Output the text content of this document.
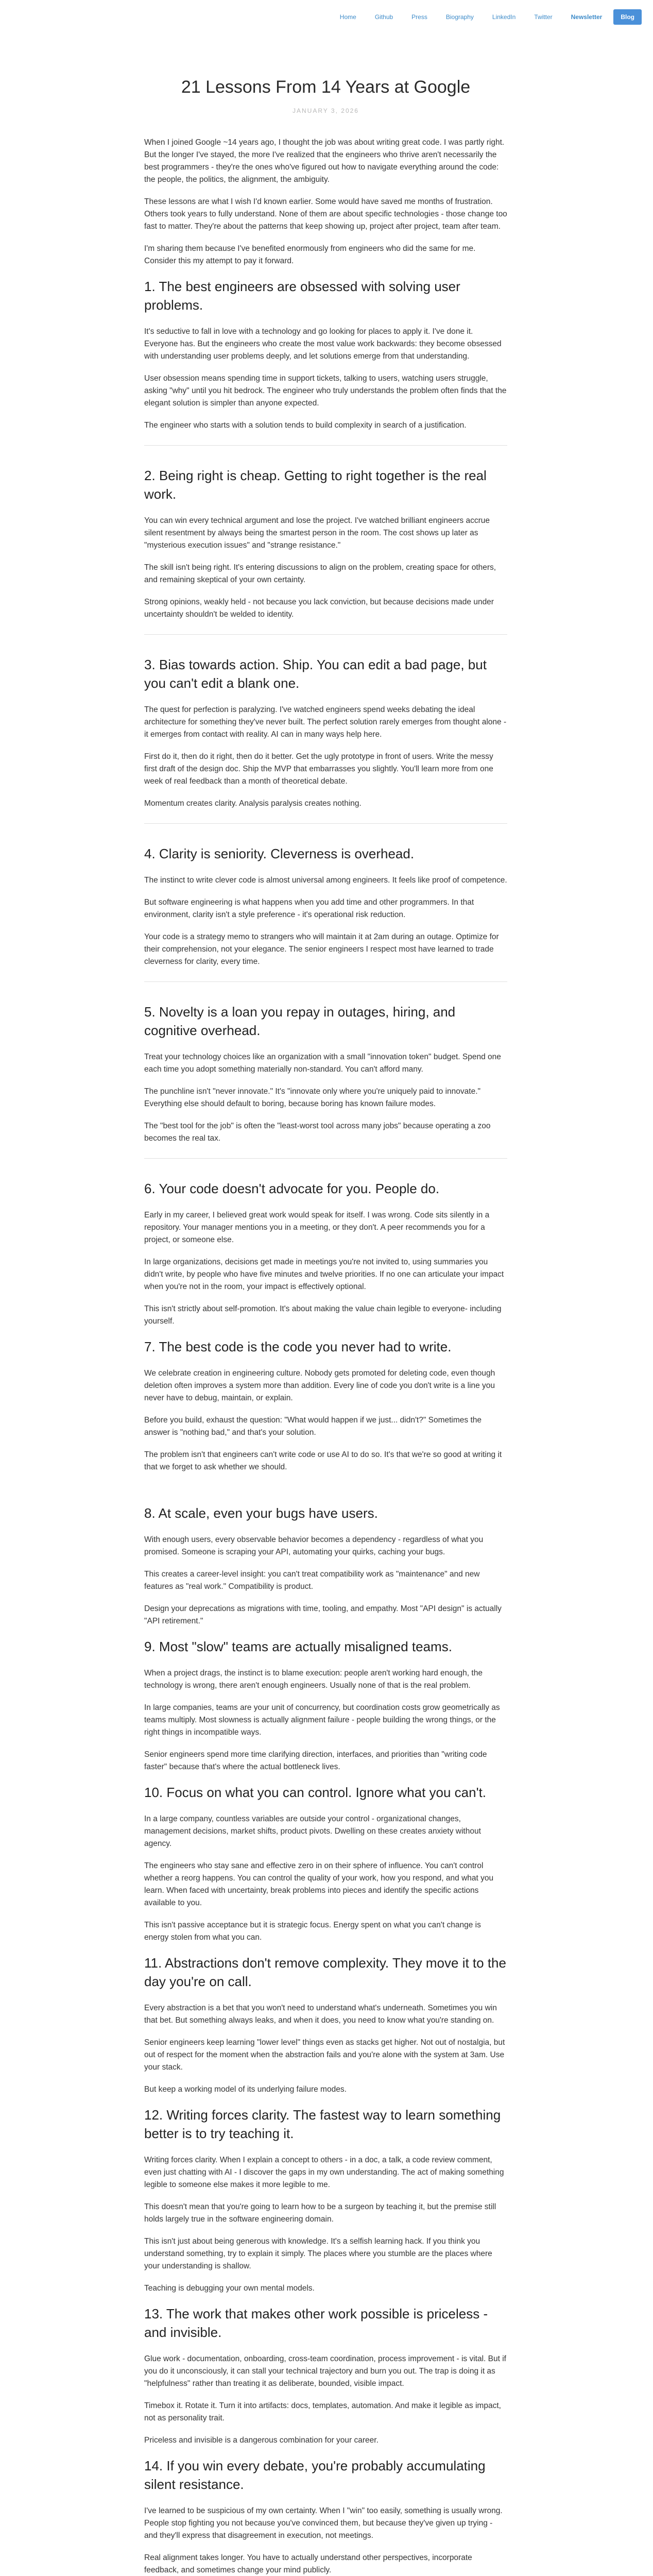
Home	Github	Press	Biography	LinkedIn	Twitter	Newsletter	Blog
21 Lessons From 14 Years at Google
JANUARY 3, 2026

When I joined Google ~14 years ago, I thought the job was about writing great code. I was partly right. But the longer I've stayed, the more I've realized that the engineers who thrive aren't necessarily the best programmers - they're the ones who've figured out how to navigate everything around the code: the people, the politics, the alignment, the ambiguity.

These lessons are what I wish I'd known earlier. Some would have saved me months of frustration. Others took years to fully understand. None of them are about specific technologies - those change too fast to matter. They're about the patterns that keep showing up, project after project, team after team.

I'm sharing them because I've benefited enormously from engineers who did the same for me. Consider this my attempt to pay it forward.

1. The best engineers are obsessed with solving user problems.

It's seductive to fall in love with a technology and go looking for places to apply it. I've done it. Everyone has. But the engineers who create the most value work backwards: they become obsessed with understanding user problems deeply, and let solutions emerge from that understanding.

User obsession means spending time in support tickets, talking to users, watching users struggle, asking "why" until you hit bedrock. The engineer who truly understands the problem often finds that the elegant solution is simpler than anyone expected.

The engineer who starts with a solution tends to build complexity in search of a justification.

2. Being right is cheap. Getting to right together is the real work.

You can win every technical argument and lose the project. I've watched brilliant engineers accrue silent resentment by always being the smartest person in the room. The cost shows up later as "mysterious execution issues" and "strange resistance."

The skill isn't being right. It's entering discussions to align on the problem, creating space for others, and remaining skeptical of your own certainty.

Strong opinions, weakly held - not because you lack conviction, but because decisions made under uncertainty shouldn't be welded to identity.

3. Bias towards action. Ship. You can edit a bad page, but you can't edit a blank one.

The quest for perfection is paralyzing. I've watched engineers spend weeks debating the ideal architecture for something they've never built. The perfect solution rarely emerges from thought alone - it emerges from contact with reality. AI can in many ways help here.

First do it, then do it right, then do it better. Get the ugly prototype in front of users. Write the messy first draft of the design doc. Ship the MVP that embarrasses you slightly. You'll learn more from one week of real feedback than a month of theoretical debate.

Momentum creates clarity. Analysis paralysis creates nothing.

4. Clarity is seniority. Cleverness is overhead.

The instinct to write clever code is almost universal among engineers. It feels like proof of competence.

But software engineering is what happens when you add time and other programmers. In that environment, clarity isn't a style preference - it's operational risk reduction.

Your code is a strategy memo to strangers who will maintain it at 2am during an outage. Optimize for their comprehension, not your elegance. The senior engineers I respect most have learned to trade cleverness for clarity, every time.

5. Novelty is a loan you repay in outages, hiring, and cognitive overhead.

Treat your technology choices like an organization with a small "innovation token" budget. Spend one each time you adopt something materially non-standard. You can't afford many.

The punchline isn't "never innovate." It's "innovate only where you're uniquely paid to innovate." Everything else should default to boring, because boring has known failure modes.

The "best tool for the job" is often the "least-worst tool across many jobs" because operating a zoo becomes the real tax.

6. Your code doesn't advocate for you. People do.

Early in my career, I believed great work would speak for itself. I was wrong. Code sits silently in a repository. Your manager mentions you in a meeting, or they don't. A peer recommends you for a project, or someone else.

In large organizations, decisions get made in meetings you're not invited to, using summaries you didn't write, by people who have five minutes and twelve priorities. If no one can articulate your impact when you're not in the room, your impact is effectively optional.

This isn't strictly about self-promotion. It's about making the value chain legible to everyone- including yourself.

7. The best code is the code you never had to write.

We celebrate creation in engineering culture. Nobody gets promoted for deleting code, even though deletion often improves a system more than addition. Every line of code you don't write is a line you never have to debug, maintain, or explain.

Before you build, exhaust the question: "What would happen if we just... didn't?" Sometimes the answer is "nothing bad," and that's your solution.

The problem isn't that engineers can't write code or use AI to do so. It's that we're so good at writing it that we forget to ask whether we should.

8. At scale, even your bugs have users.

With enough users, every observable behavior becomes a dependency - regardless of what you promised. Someone is scraping your API, automating your quirks, caching your bugs.

This creates a career-level insight: you can't treat compatibility work as "maintenance" and new features as "real work." Compatibility is product.

Design your deprecations as migrations with time, tooling, and empathy. Most "API design" is actually "API retirement."

9. Most "slow" teams are actually misaligned teams.

When a project drags, the instinct is to blame execution: people aren't working hard enough, the technology is wrong, there aren't enough engineers. Usually none of that is the real problem.

In large companies, teams are your unit of concurrency, but coordination costs grow geometrically as teams multiply. Most slowness is actually alignment failure - people building the wrong things, or the right things in incompatible ways.

Senior engineers spend more time clarifying direction, interfaces, and priorities than "writing code faster" because that's where the actual bottleneck lives.

10. Focus on what you can control. Ignore what you can't.

In a large company, countless variables are outside your control - organizational changes, management decisions, market shifts, product pivots. Dwelling on these creates anxiety without agency.

The engineers who stay sane and effective zero in on their sphere of influence. You can't control whether a reorg happens. You can control the quality of your work, how you respond, and what you learn. When faced with uncertainty, break problems into pieces and identify the specific actions available to you.

This isn't passive acceptance but it is strategic focus. Energy spent on what you can't change is energy stolen from what you can.

11. Abstractions don't remove complexity. They move it to the day you're on call.

Every abstraction is a bet that you won't need to understand what's underneath. Sometimes you win that bet. But something always leaks, and when it does, you need to know what you're standing on.

Senior engineers keep learning "lower level" things even as stacks get higher. Not out of nostalgia, but out of respect for the moment when the abstraction fails and you're alone with the system at 3am. Use your stack.

But keep a working model of its underlying failure modes.

12. Writing forces clarity. The fastest way to learn something better is to try teaching it.

Writing forces clarity. When I explain a concept to others - in a doc, a talk, a code review comment, even just chatting with AI - I discover the gaps in my own understanding. The act of making something legible to someone else makes it more legible to me.

This doesn't mean that you're going to learn how to be a surgeon by teaching it, but the premise still holds largely true in the software engineering domain.

This isn't just about being generous with knowledge. It's a selfish learning hack. If you think you understand something, try to explain it simply. The places where you stumble are the places where your understanding is shallow.

Teaching is debugging your own mental models.

13. The work that makes other work possible is priceless - and invisible.

Glue work - documentation, onboarding, cross-team coordination, process improvement - is vital. But if you do it unconsciously, it can stall your technical trajectory and burn you out. The trap is doing it as "helpfulness" rather than treating it as deliberate, bounded, visible impact.

Timebox it. Rotate it. Turn it into artifacts: docs, templates, automation. And make it legible as impact, not as personality trait.

Priceless and invisible is a dangerous combination for your career.

14. If you win every debate, you're probably accumulating silent resistance.

I've learned to be suspicious of my own certainty. When I "win" too easily, something is usually wrong. People stop fighting you not because you've convinced them, but because they've given up trying - and they'll express that disagreement in execution, not meetings.

Real alignment takes longer. You have to actually understand other perspectives, incorporate feedback, and sometimes change your mind publicly.
